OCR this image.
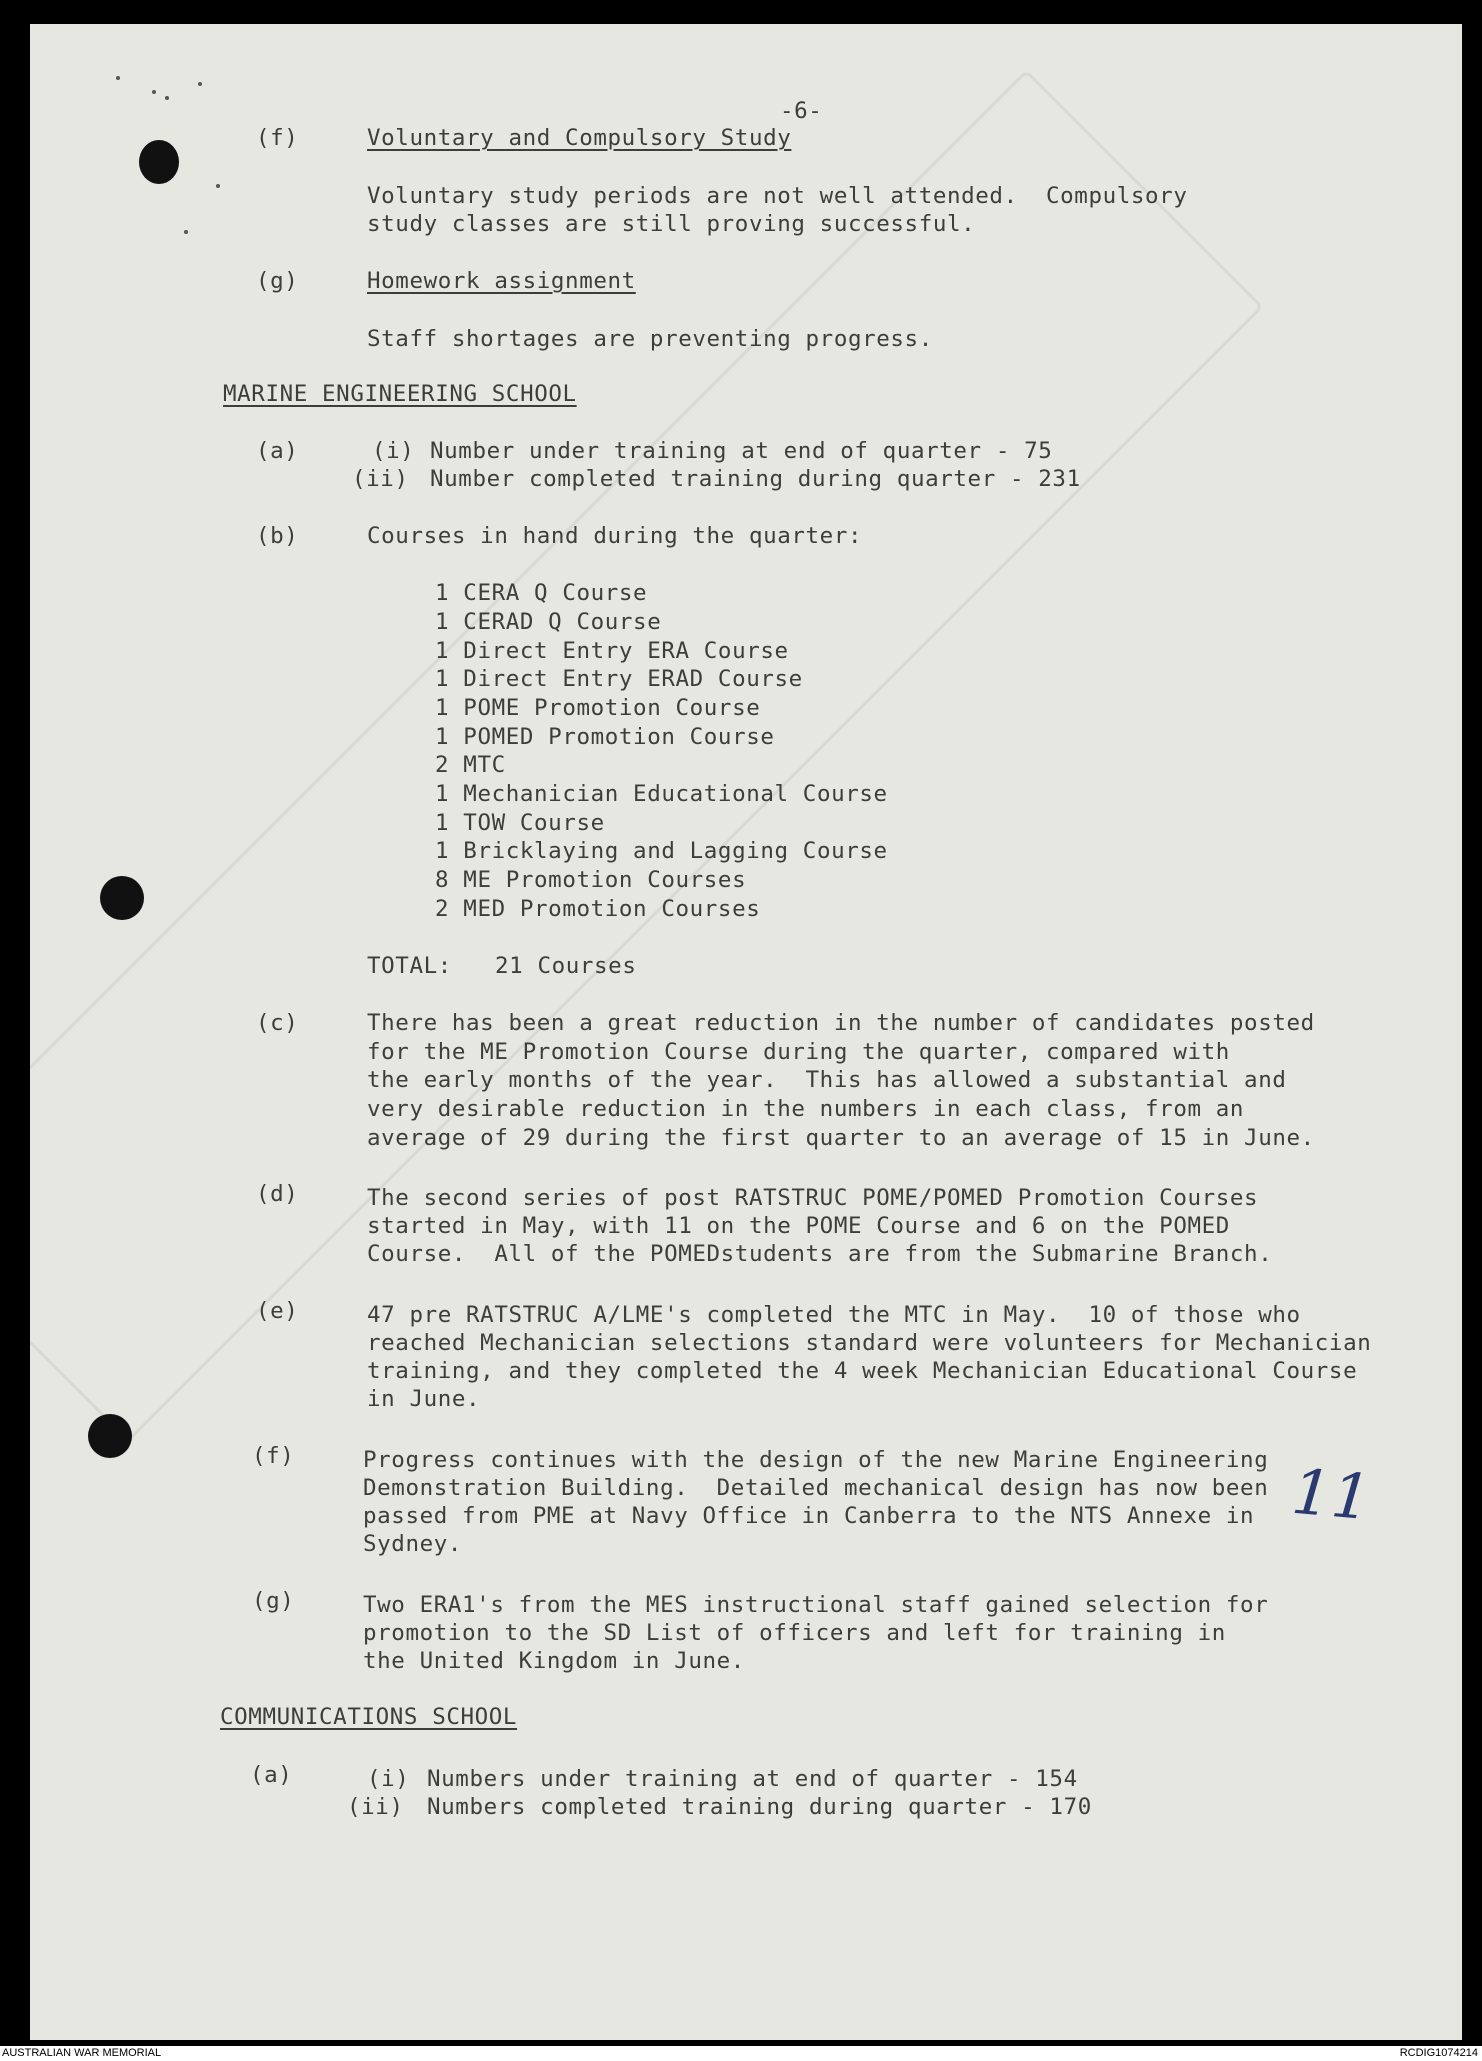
-6-
(f)	Voluntary and Compulsory Study
Voluntary study periods are not well attended.  Compulsory
study classes are still proving successful.
(g)	Homework assignment
Staff shortages are preventing progress.
MARINE ENGINEERING SCHOOL
(a)	(i) Number under training at end of quarter - 75
(ii) Number completed training during quarter - 231
(b)	Courses in hand during the quarter:
1 CERA Q Course
1 CERAD Q Course
1 Direct Entry ERA Course
1 Direct Entry ERAD Course
1 POME Promotion Course
1 POMED Promotion Course
2 MTC
1 Mechanician Educational Course
1 TOW Course
1 Bricklaying and Lagging Course
8 ME Promotion Courses
2 MED Promotion Courses
TOTAL: 21 Courses
(c)	There has been a great reduction in the number of candidates posted
for the ME Promotion Course during the quarter, compared with
the early months of the year.  This has allowed a substantial and
very desirable reduction in the numbers in each class, from an
average of 29 during the first quarter to an average of 15 in June.
(d)	The second series of post RATSTRUC POME/POMED Promotion Courses
started in May, with 11 on the POME Course and 6 on the POMED
Course.  All of the POMEDstudents are from the Submarine Branch.
(e)	47 pre RATSTRUC A/LME's completed the MTC in May.  10 of those who
reached Mechanician selections standard were volunteers for Mechanician
training, and they completed the 4 week Mechanician Educational Course
in June.
(f)	Progress continues with the design of the new Marine Engineering
Demonstration Building.  Detailed mechanical design has now been
passed from PME at Navy Office in Canberra to the NTS Annexe in
Sydney.
(g)	Two ERA1's from the MES instructional staff gained selection for
promotion to the SD List of officers and left for training in
the United Kingdom in June.
COMMUNICATIONS SCHOOL
(a)	(i) Numbers under training at end of quarter - 154
(ii) Numbers completed training during quarter - 170
11
AUSTRALIAN WAR MEMORIAL	RCDIG1074214
